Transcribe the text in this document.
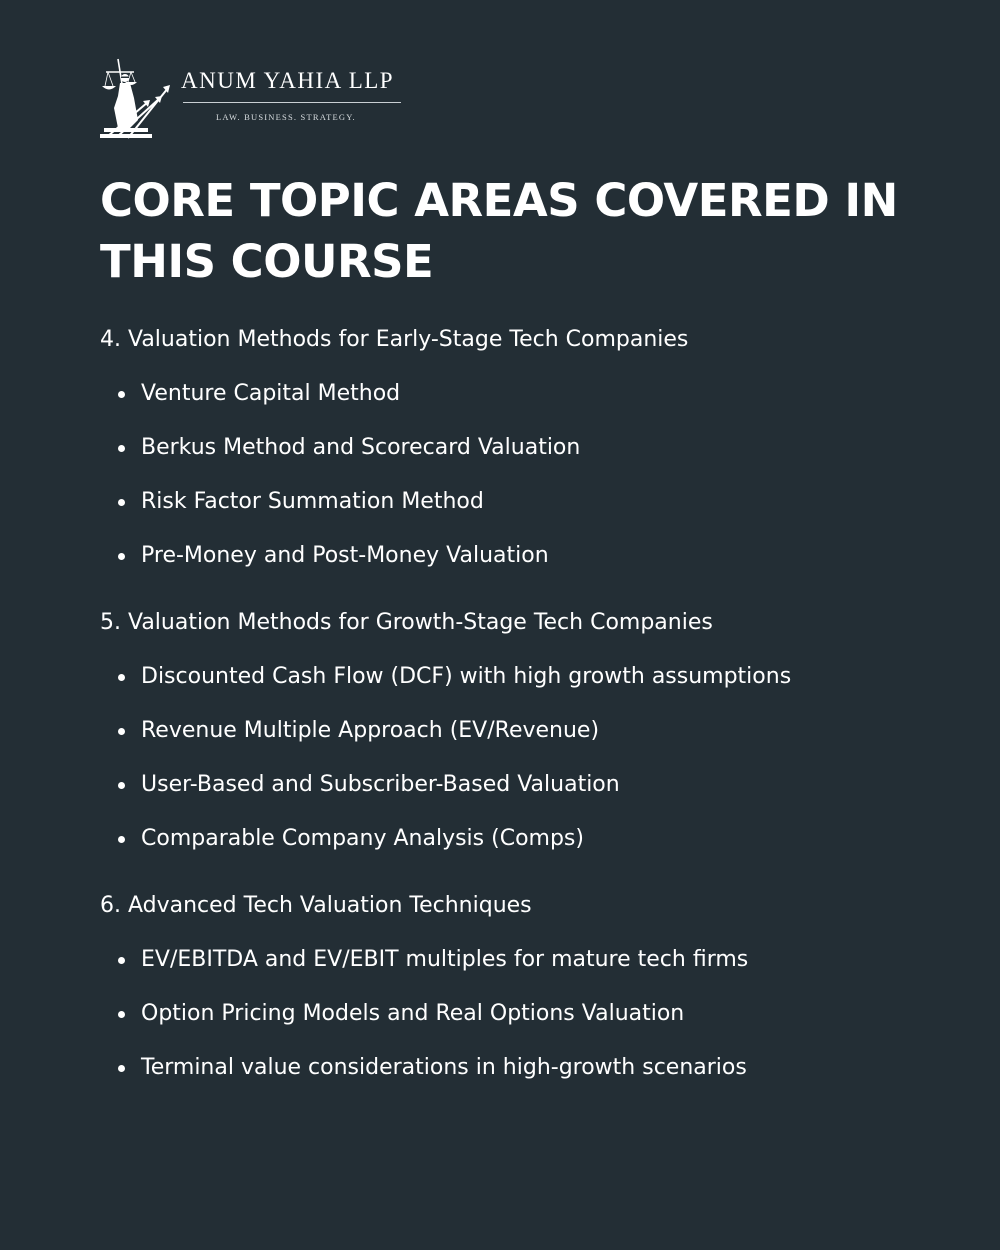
ANUM YAHIA LLP
LAW. BUSINESS. STRATEGY.
CORE TOPIC AREAS COVERED IN THIS COURSE
4. Valuation Methods for Early-Stage Tech Companies
Venture Capital Method
Berkus Method and Scorecard Valuation
Risk Factor Summation Method
Pre-Money and Post-Money Valuation
5. Valuation Methods for Growth-Stage Tech Companies
Discounted Cash Flow (DCF) with high growth assumptions
Revenue Multiple Approach (EV/Revenue)
User-Based and Subscriber-Based Valuation
Comparable Company Analysis (Comps)
6. Advanced Tech Valuation Techniques
EV/EBITDA and EV/EBIT multiples for mature tech firms
Option Pricing Models and Real Options Valuation
Terminal value considerations in high-growth scenarios
